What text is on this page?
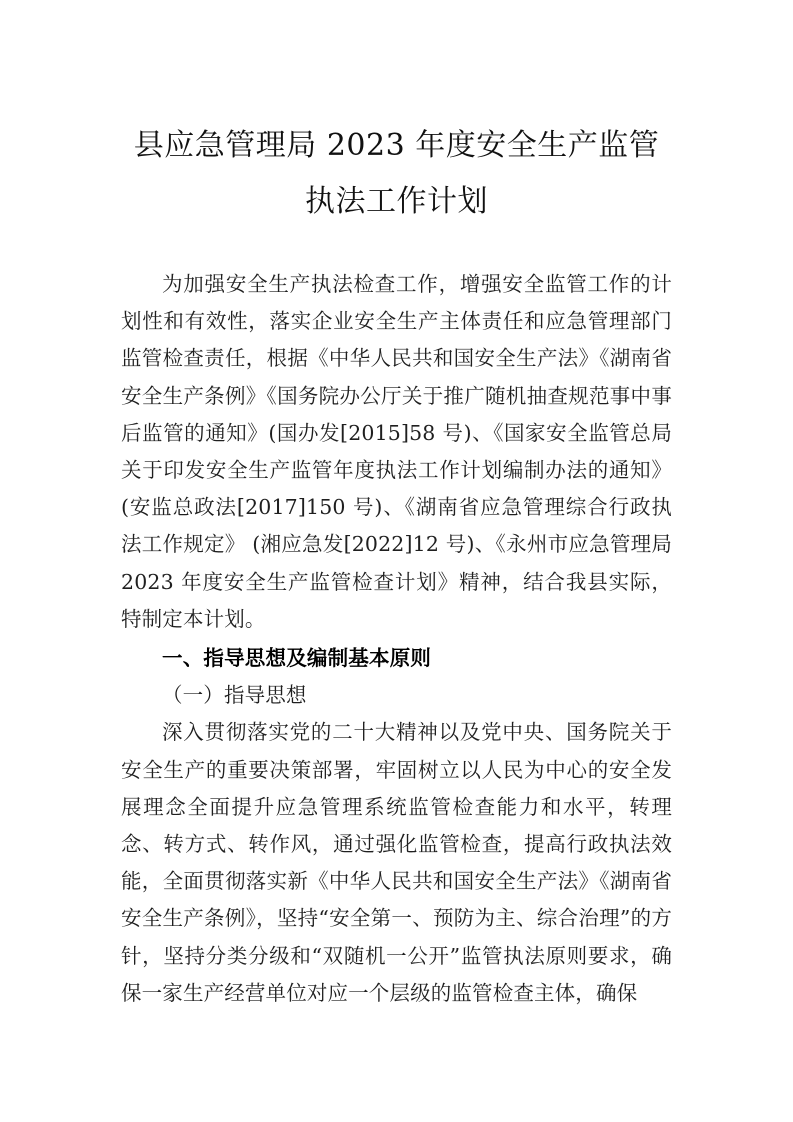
县应急管理局 2023 年度安全生产监管执法工作计划

为加强安全生产执法检查工作，增强安全监管工作的计划性和有效性，落实企业安全生产主体责任和应急管理部门监管检查责任，根据《中华人民共和国安全生产法》《湖南省安全生产条例》《国务院办公厅关于推广随机抽查规范事中事后监管的通知》(国办发[2015]58 号)、《国家安全监管总局关于印发安全生产监管年度执法工作计划编制办法的通知》 (安监总政法[2017]150 号)、《湖南省应急管理综合行政执法工作规定》 (湘应急发[2022]12 号)、《永州市应急管理局 2023 年度安全生产监管检查计划》精神，结合我县实际，特制定本计划。

一、指导思想及编制基本原则

（一）指导思想

深入贯彻落实党的二十大精神以及党中央、国务院关于安全生产的重要决策部署，牢固树立以人民为中心的安全发展理念全面提升应急管理系统监管检查能力和水平，转理念、转方式、转作风，通过强化监管检查，提高行政执法效能，全面贯彻落实新《中华人民共和国安全生产法》《湖南省安全生产条例》，坚持“安全第一、预防为主、综合治理”的方针，坚持分类分级和“双随机一公开”监管执法原则要求，确保一家生产经营单位对应一个层级的监管检查主体，确保
